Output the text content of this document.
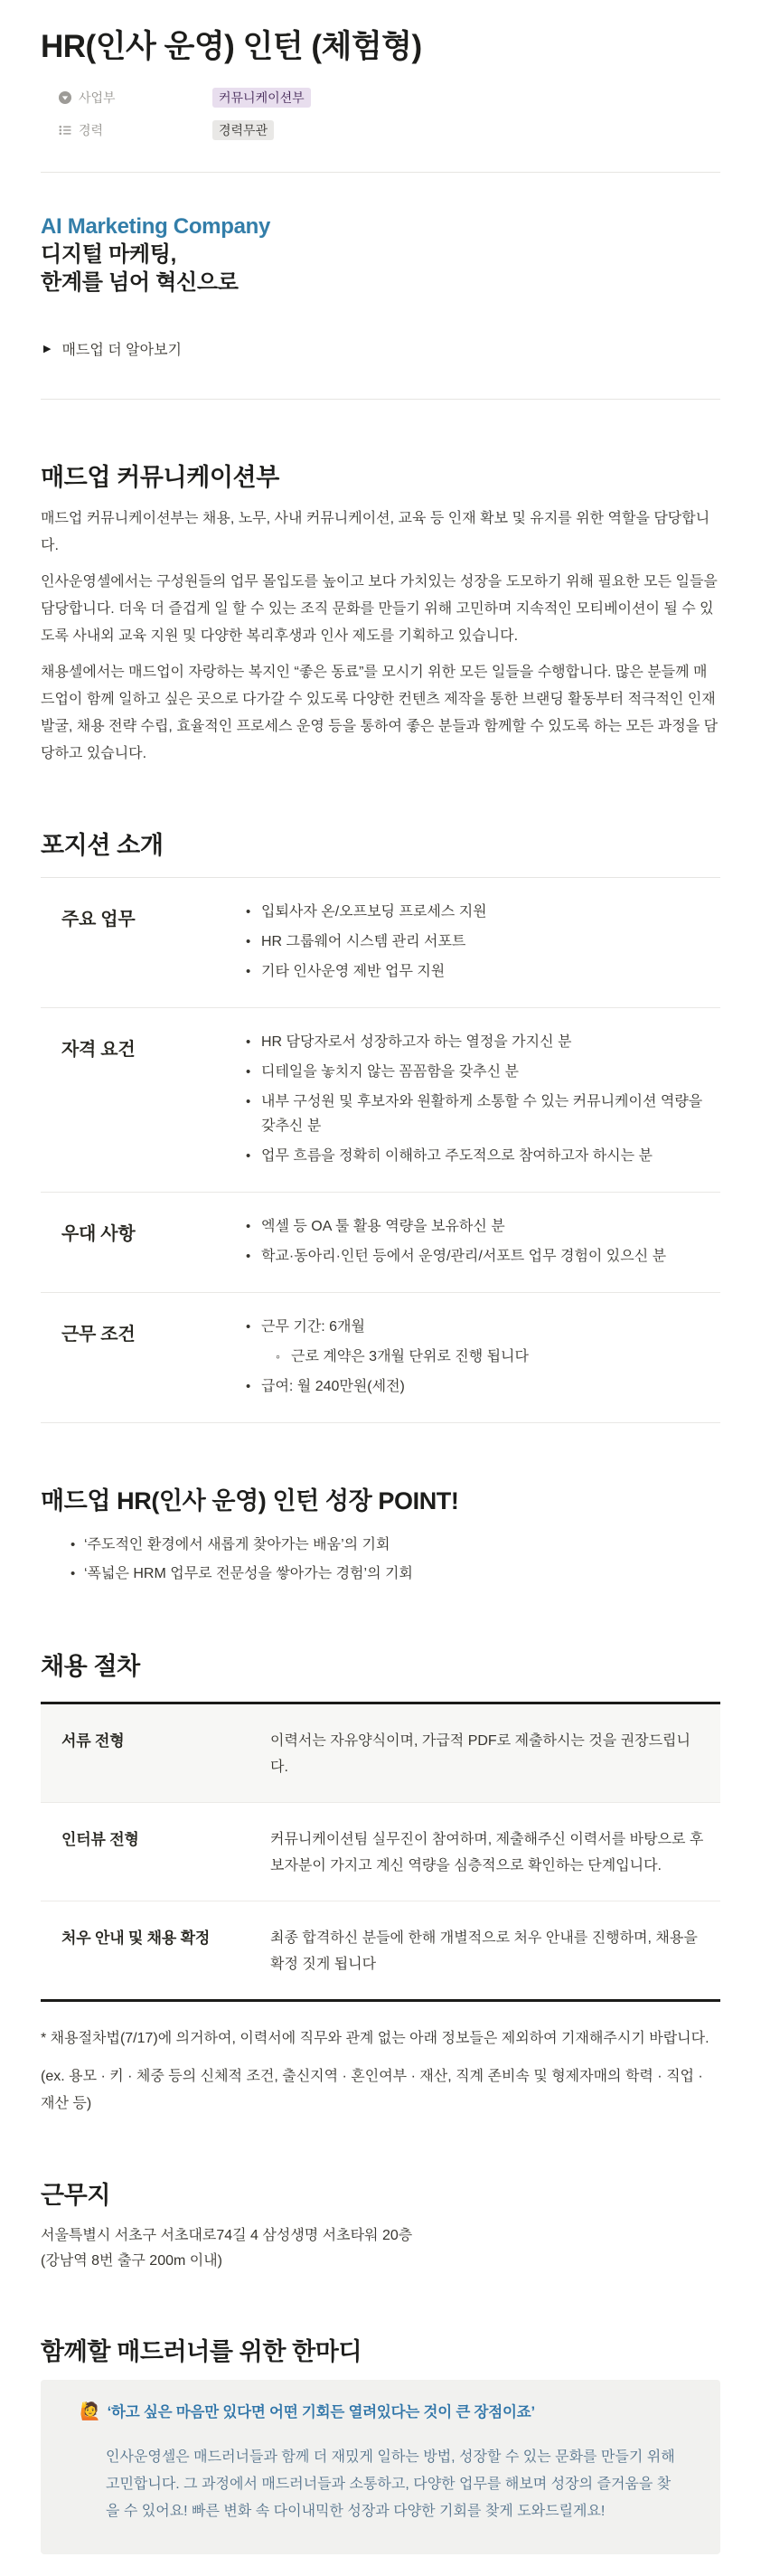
HR(인사 운영) 인턴 (체험형)
사업부	커뮤니케이션부
경력	경력무관
AI Marketing Company
디지털 마케팅,
한계를 넘어 혁신으로
▶ 매드업 더 알아보기
매드업 커뮤니케이션부

매드업 커뮤니케이션부는 채용, 노무, 사내 커뮤니케이션, 교육 등 인재 확보 및 유지를 위한 역할을 담당합니다.

인사운영셀에서는 구성원들의 업무 몰입도를 높이고 보다 가치있는 성장을 도모하기 위해 필요한 모든 일들을 담당합니다. 더욱 더 즐겁게 일 할 수 있는 조직 문화를 만들기 위해 고민하며 지속적인 모티베이션이 될 수 있도록 사내외 교육 지원 및 다양한 복리후생과 인사 제도를 기획하고 있습니다.

채용셀에서는 매드업이 자랑하는 복지인 “좋은 동료”를 모시기 위한 모든 일들을 수행합니다. 많은 분들께 매드업이 함께 일하고 싶은 곳으로 다가갈 수 있도록 다양한 컨텐츠 제작을 통한 브랜딩 활동부터 적극적인 인재 발굴, 채용 전략 수립, 효율적인 프로세스 운영 등을 통하여 좋은 분들과 함께할 수 있도록 하는 모든 과정을 담당하고 있습니다.

포지션 소개
주요 업무	• 입퇴사자 온/오프보딩 프로세스 지원
• HR 그룹웨어 시스템 관리 서포트
• 기타 인사운영 제반 업무 지원
자격 요건	• HR 담당자로서 성장하고자 하는 열정을 가지신 분
• 디테일을 놓치지 않는 꼼꼼함을 갖추신 분
• 내부 구성원 및 후보자와 원활하게 소통할 수 있는 커뮤니케이션 역량을 갖추신 분
• 업무 흐름을 정확히 이해하고 주도적으로 참여하고자 하시는 분
우대 사항	• 엑셀 등 OA 툴 활용 역량을 보유하신 분
• 학교·동아리·인턴 등에서 운영/관리/서포트 업무 경험이 있으신 분
근무 조건	• 근무 기간: 6개월
◦ 근로 계약은 3개월 단위로 진행 됩니다
• 급여: 월 240만원(세전)
매드업 HR(인사 운영) 인턴 성장 POINT!
• ‘주도적인 환경에서 새롭게 찾아가는 배움’의 기회
• ‘폭넓은 HRM 업무로 전문성을 쌓아가는 경험’의 기회
채용 절차
서류 전형	이력서는 자유양식이며, 가급적 PDF로 제출하시는 것을 권장드립니다.
인터뷰 전형	커뮤니케이션팀 실무진이 참여하며, 제출해주신 이력서를 바탕으로 후보자분이 가지고 계신 역량을 심층적으로 확인하는 단계입니다.
처우 안내 및 채용 확정	최종 합격하신 분들에 한해 개별적으로 처우 안내를 진행하며, 채용을 확정 짓게 됩니다

* 채용절차법(7/17)에 의거하여, 이력서에 직무와 관계 없는 아래 정보들은 제외하여 기재해주시기 바랍니다.

(ex. 용모 · 키 · 체중 등의 신체적 조건, 출신지역 · 혼인여부 · 재산, 직계 존비속 및 형제자매의 학력 · 직업 · 재산 등)

근무지

서울특별시 서초구 서초대로74길 4 삼성생명 서초타워 20층

(강남역 8번 출구 200m 이내)

함께할 매드러너를 위한 한마디
🙋 ‘하고 싶은 마음만 있다면 어떤 기회든 열려있다는 것이 큰 장점이죠’

인사운영셀은 매드러너들과 함께 더 재밌게 일하는 방법, 성장할 수 있는 문화를 만들기 위해 고민합니다. 그 과정에서 매드러너들과 소통하고, 다양한 업무를 해보며 성장의 즐거움을 찾을 수 있어요! 빠른 변화 속 다이내믹한 성장과 다양한 기회를 찾게 도와드릴게요!
